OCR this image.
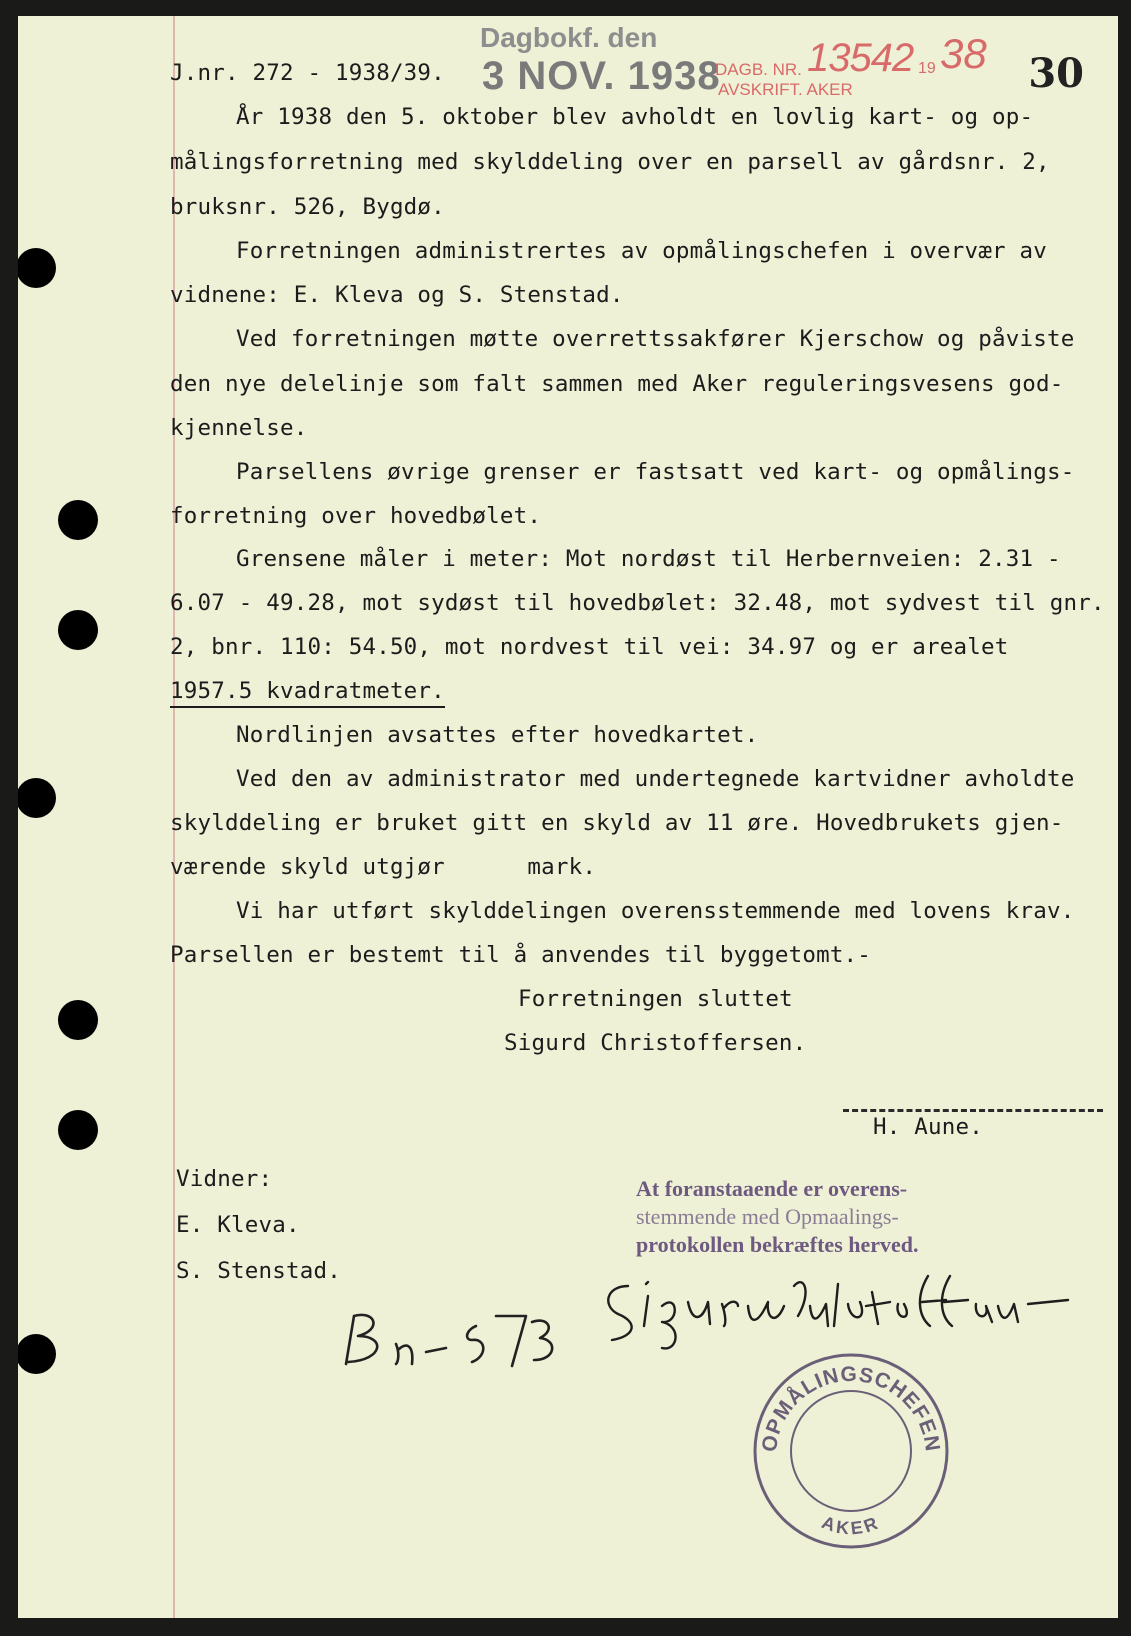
J.nr. 272 - 1938/39.
Dagbokf. den
3 NOV. 1938
DAGB. NR. 13542 19 38
AVSKRIFT. AKER	30
År 1938 den 5. oktober blev avholdt en lovlig kart- og op-
målingsforretning med skylddeling over en parsell av gårdsnr. 2,
bruksnr. 526, Bygdø.
Forretningen administrertes av opmålingschefen i overvær av
vidnene: E. Kleva og S. Stenstad.
Ved forretningen møtte overrettssakfører Kjerschow og påviste
den nye delelinje som falt sammen med Aker reguleringsvesens god-
kjennelse.
Parsellens øvrige grenser er fastsatt ved kart- og opmålings-
forretning over hovedbølet.
Grensene måler i meter: Mot nordøst til Herbernveien: 2.31 -
6.07 - 49.28, mot sydøst til hovedbølet: 32.48, mot sydvest til gnr.
2, bnr. 110: 54.50, mot nordvest til vei: 34.97 og er arealet
1957.5 kvadratmeter.
Nordlinjen avsattes efter hovedkartet.
Ved den av administrator med undertegnede kartvidner avholdte
skylddeling er bruket gitt en skyld av 11 øre. Hovedbrukets gjen-
værende skyld utgjør      mark.
Vi har utført skylddelingen overensstemmende med lovens krav.
Parsellen er bestemt til å anvendes til byggetomt.-
Forretningen sluttet
Sigurd Christoffersen.
H. Aune.
Vidner:
E. Kleva.
S. Stenstad.
At foranstaaende er overens-
stemmende med Opmaalings-
protokollen bekræftes herved.
OPMÅLINGSCHEFEN
AKER
